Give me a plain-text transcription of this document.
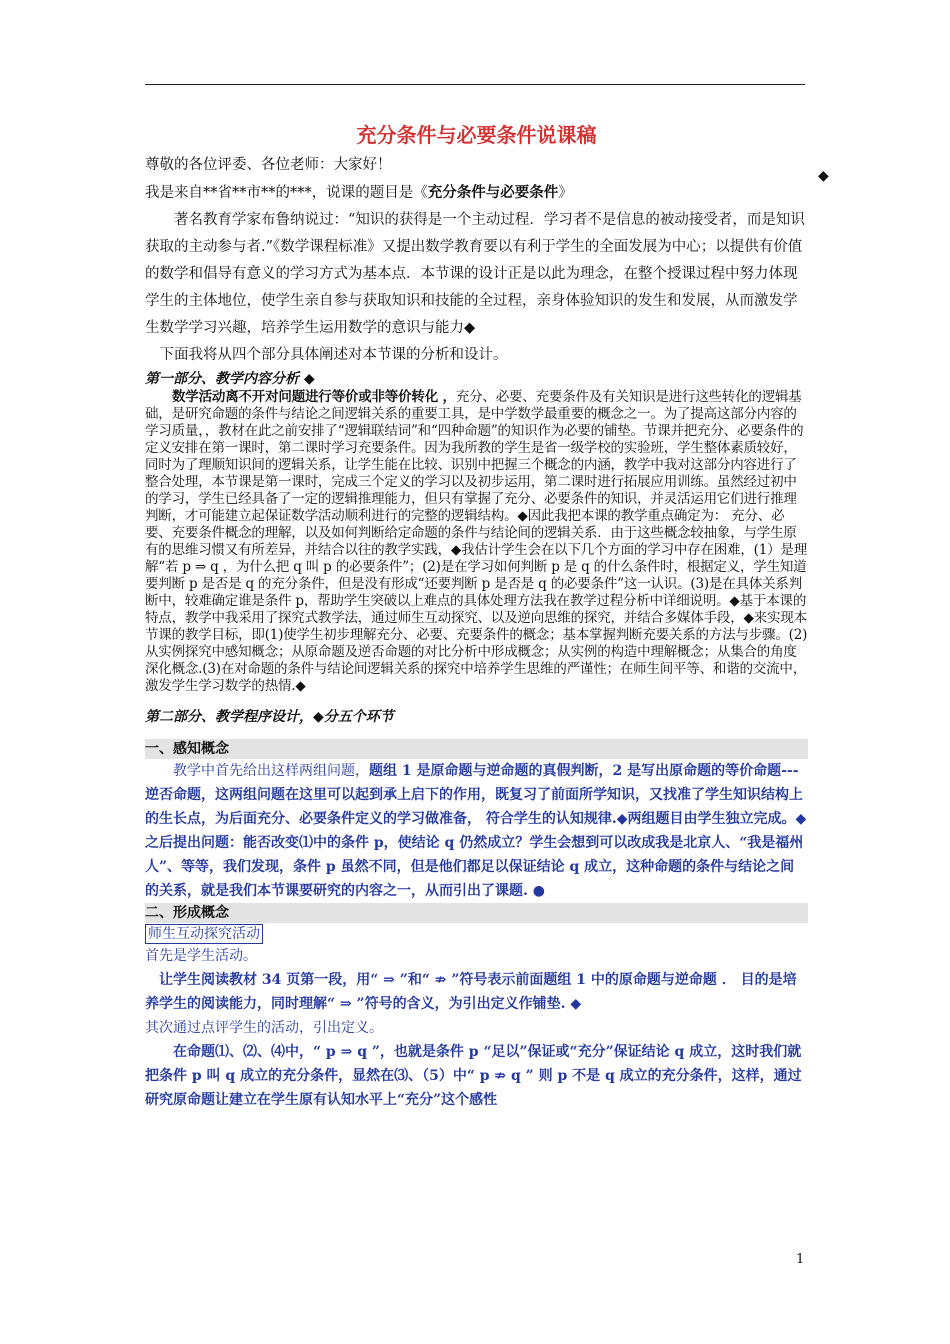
◆
充分条件与必要条件说课稿

尊敬的各位评委、各位老师：大家好！

我是来自**省**市**的***，说课的题目是《充分条件与必要条件》

著名教育学家布鲁纳说过：“知识的获得是一个主动过程．学习者不是信息的被动接受者，而是知识获取的主动参与者.”《数学课程标准》又提出数学教育要以有利于学生的全面发展为中心；以提供有价值的数学和倡导有意义的学习方式为基本点．本节课的设计正是以此为理念，在整个授课过程中努力体现学生的主体地位，使学生亲自参与获取知识和技能的全过程，亲身体验知识的发生和发展，从而激发学生数学学习兴趣，培养学生运用数学的意识与能力◆

下面我将从四个部分具体阐述对本节课的分析和设计。

第一部分、教学内容分析 ◆

数学活动离不开对问题进行等价或非等价转化 ，充分、必要、充要条件及有关知识是进行这些转化的逻辑基础，是研究命题的条件与结论之间逻辑关系的重要工具，是中学数学最重要的概念之一。为了提高这部分内容的学习质量，，教材在此之前安排了“逻辑联结词”和“四种命题”的知识作为必要的铺垫。节课并把充分、必要条件的定义安排在第一课时，第二课时学习充要条件。因为我所教的学生是省一级学校的实验班，学生整体素质较好，同时为了理顺知识间的逻辑关系，让学生能在比较、识别中把握三个概念的内涵，教学中我对这部分内容进行了整合处理，本节课是第一课时，完成三个定义的学习以及初步运用，第二课时进行拓展应用训练。虽然经过初中的学习，学生已经具备了一定的逻辑推理能力，但只有掌握了充分、必要条件的知识，并灵活运用它们进行推理判断，才可能建立起保证数学活动顺利进行的完整的逻辑结构。◆因此我把本课的教学重点确定为： 充分、必要、充要条件概念的理解，以及如何判断给定命题的条件与结论间的逻辑关系．由于这些概念较抽象，与学生原有的思维习惯又有所差异，并结合以往的教学实践，◆我估计学生会在以下几个方面的学习中存在困难，(1）是理解“若 p ⇒ q ，为什么把 q 叫 p 的必要条件”；(2)是在学习如何判断 p 是 q 的什么条件时，根据定义，学生知道要判断 p 是否是 q 的充分条件，但是没有形成“还要判断 p 是否是 q 的必要条件”这一认识。(3)是在具体关系判断中，较难确定谁是条件 p，帮助学生突破以上难点的具体处理方法我在教学过程分析中详细说明。◆基于本课的特点，教学中我采用了探究式教学法，通过师生互动探究、以及逆向思维的探究，并结合多媒体手段，◆来实现本节课的教学目标，即(1)使学生初步理解充分、必要、充要条件的概念；基本掌握判断充要关系的方法与步骤。(2)从实例探究中感知概念；从原命题及逆否命题的对比分析中形成概念；从实例的构造中理解概念；从集合的角度深化概念.(3)在对命题的条件与结论间逻辑关系的探究中培养学生思维的严谨性；在师生间平等、和谐的交流中，激发学生学习数学的热情.◆

第二部分、教学程序设计，◆分五个环节
一、感知概念

教学中首先给出这样两组问题，题组 1 是原命题与逆命题的真假判断，2 是写出原命题的等价命题---逆否命题，这两组问题在这里可以起到承上启下的作用，既复习了前面所学知识，又找准了学生知识结构上的生长点，为后面充分、必要条件定义的学习做准备， 符合学生的认知规律.◆两组题目由学生独立完成。◆之后提出问题：能否改变⑴中的条件 p，使结论 q 仍然成立？学生会想到可以改成我是北京人、“我是福州人”、等等，我们发现，条件 p 虽然不同，但是他们都足以保证结论 q 成立，这种命题的条件与结论之间的关系，就是我们本节课要研究的内容之一，从而引出了课题. ●

二、形成概念
师生互动探究活动

首先是学生活动。

让学生阅读教材 34 页第一段，用“ ⇒ ”和“ ⇏ ”符号表示前面题组 1 中的原命题与逆命题 ． 目的是培养学生的阅读能力，同时理解“ ⇒ ”符号的含义，为引出定义作铺垫. ◆

其次通过点评学生的活动，引出定义。

在命题⑴、⑵、⑷中，“ p ⇒ q ”，也就是条件 p “足以”保证或“充分”保证结论 q 成立，这时我们就把条件 p 叫 q 成立的充分条件，显然在⑶、（5）中“ p ⇏ q ” 则 p 不是 q 成立的充分条件，这样，通过研究原命题让建立在学生原有认知水平上“充分”这个感性

1
